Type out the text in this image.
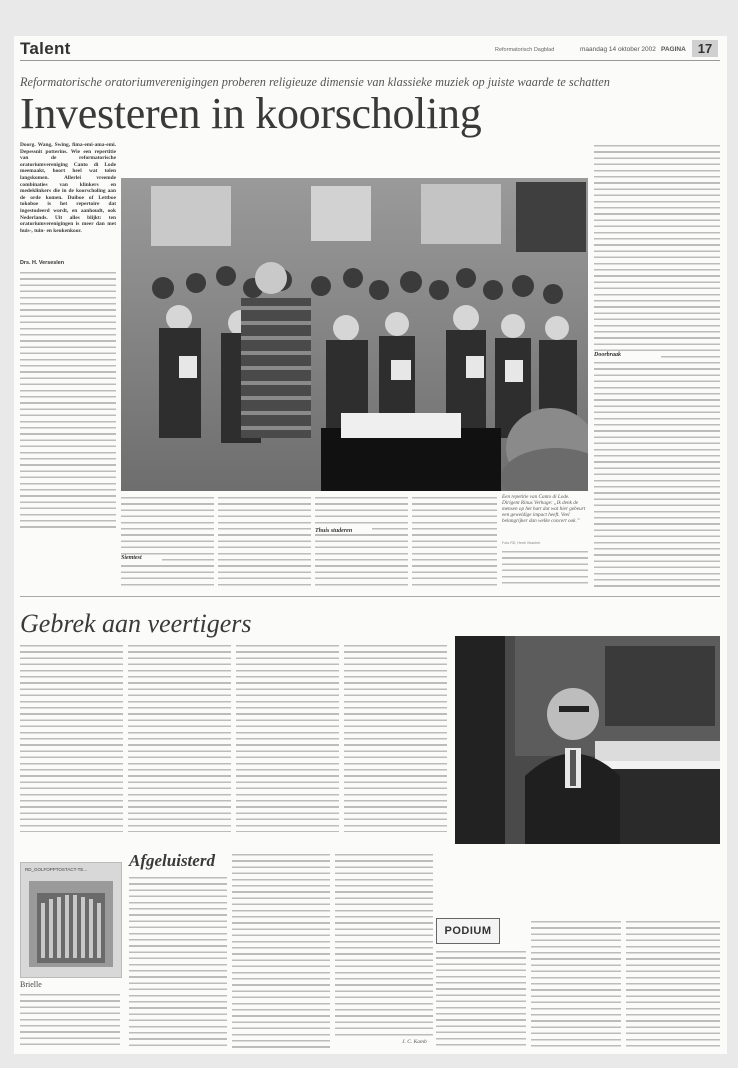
Talent	Reformatorisch Dagblad	maandag 14 oktober 2002 PAGINA 17
Reformatorische oratoriumverenigingen proberen religieuze dimensie van klassieke muziek op juiste waarde te schatten
Investeren in koorscholing

Doorg. Wang, Swing, fima-emi-ama-emi. Depessnit potterins. Wie een repertitie van de reformatorische oratoriumvereniging Canto di Lode meemaakt, hoort heel wat tolen langskomen. Allerlei vreemde combinaties van klinkers en medeklinkers die in de koorscholing aan de orde komen. Duiboe of Lettboe tokoboe is het repertoire dat ingestudeerd wordt, en aanhoudt, ook Nederlands. Uit alles blijkt: ten oratoriumverenigingen is meer dan met huis-, tuin- en keukenkoor.

Drs. H. Verseslen
Siemtest
Thuis studeren
Een repetitie van Canto di Lode. Dirigent Rinus Verhage: „Ik denk de mensen op het hart dat wat hier gebeurt een geweldige impact heeft. Veel belangrijker dan welke concert ook.”
Foto RD, Henk Visscher
Doorbraak
Gebrek aan veertigers
RD_GOLFOPPTOSTACT-TE...
Brielle
Afgeluisterd
J. C. Kamb
PODIUM
